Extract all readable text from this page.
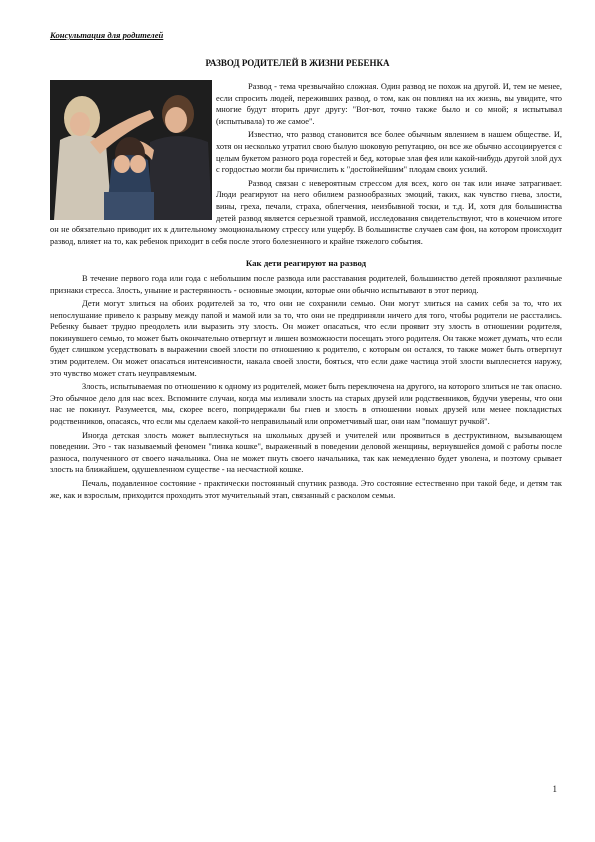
Консультация для родителей
РАЗВОД РОДИТЕЛЕЙ В ЖИЗНИ РЕБЕНКА

Развод - тема чрезвычайно сложная. Один развод не похож на другой. И, тем не менее, если спросить людей, переживших развод, о том, как он повлиял на их жизнь, вы увидите, что многие будут вторить друг другу: "Вот-вот, точно также было и со мной; я испытывал (испытывала) то же самое".

Известно, что развод становится все более обычным явлением в нашем обществе. И, хотя он несколько утратил свою былую шоковую репутацию, он все же обычно ассоциируется с целым букетом разного рода горестей и бед, которые злая фея или какой-нибудь другой злой дух с гордостью могли бы причислить к "достойнейшим" плодам своих усилий.

Развод связан с невероятным стрессом для всех, кого он так или иначе затрагивает. Люди реагируют на него обилием разнообразных эмоций, таких, как чувство гнева, злости, вины, греха, печали, страха, облегчения, неизбывной тоски, и т.д. И, хотя для большинства детей развод является серьезной травмой, исследования свидетельствуют, что в конечном итоге он не обязательно приводит их к длительному эмоциональному стрессу или ущербу. В большинстве случаев сам фон, на котором происходит развод, влияет на то, как ребенок приходит в себя после этого болезненного и крайне тяжелого события.

Как дети реагируют на развод

В течение первого года или года с небольшим после развода или расставания родителей, большинство детей проявляют различные признаки стресса. Злость, уныние и растерянность - основные эмоции, которые они обычно испытывают в этот период.

Дети могут злиться на обоих родителей за то, что они не сохранили семью. Они могут злиться на самих себя за то, что их непослушание привело к разрыву между папой и мамой или за то, что они не предприняли ничего для того, чтобы родители не расстались. Ребенку бывает трудно преодолеть или выразить эту злость. Он может опасаться, что если проявит эту злость в отношении родителя, покинувшего семью, то может быть окончательно отвергнут и лишен возможности посещать этого родителя. Он также может думать, что если будет слишком усердствовать в выражении своей злости по отношению к родителю, с которым он остался, то также может быть отвергнут этим родителем. Он может опасаться интенсивности, накала своей злости, бояться, что если даже частица этой злости выплеснется наружу, это чувство может стать неуправляемым.

Злость, испытываемая по отношению к одному из родителей, может быть переключена на другого, на которого злиться не так опасно. Это обычное дело для нас всех. Вспомните случаи, когда мы изливали злость на старых друзей или родственников, будучи уверены, что они нас не покинут. Разумеется, мы, скорее всего, попридержали бы гнев и злость в отношении новых друзей или менее покладистых родственников, опасаясь, что если мы сделаем какой-то неправильный или опрометчивый шаг, они нам "помашут ручкой".

Иногда детская злость может выплеснуться на школьных друзей и учителей или проявиться в деструктивном, вызывающем поведении. Это - так называемый феномен "пинка кошке", выраженный в поведении деловой женщины, вернувшейся домой с работы после разноса, полученного от своего начальника. Она не может пнуть своего начальника, так как немедленно будет уволена, и поэтому срывает злость на ближайшем, одушевленном существе - на несчастной кошке.

Печаль, подавленное состояние - практически постоянный спутник развода. Это состояние естественно при такой беде, и детям так же, как и взрослым, приходится проходить этот мучительный этап, связанный с расколом семьи.

1
